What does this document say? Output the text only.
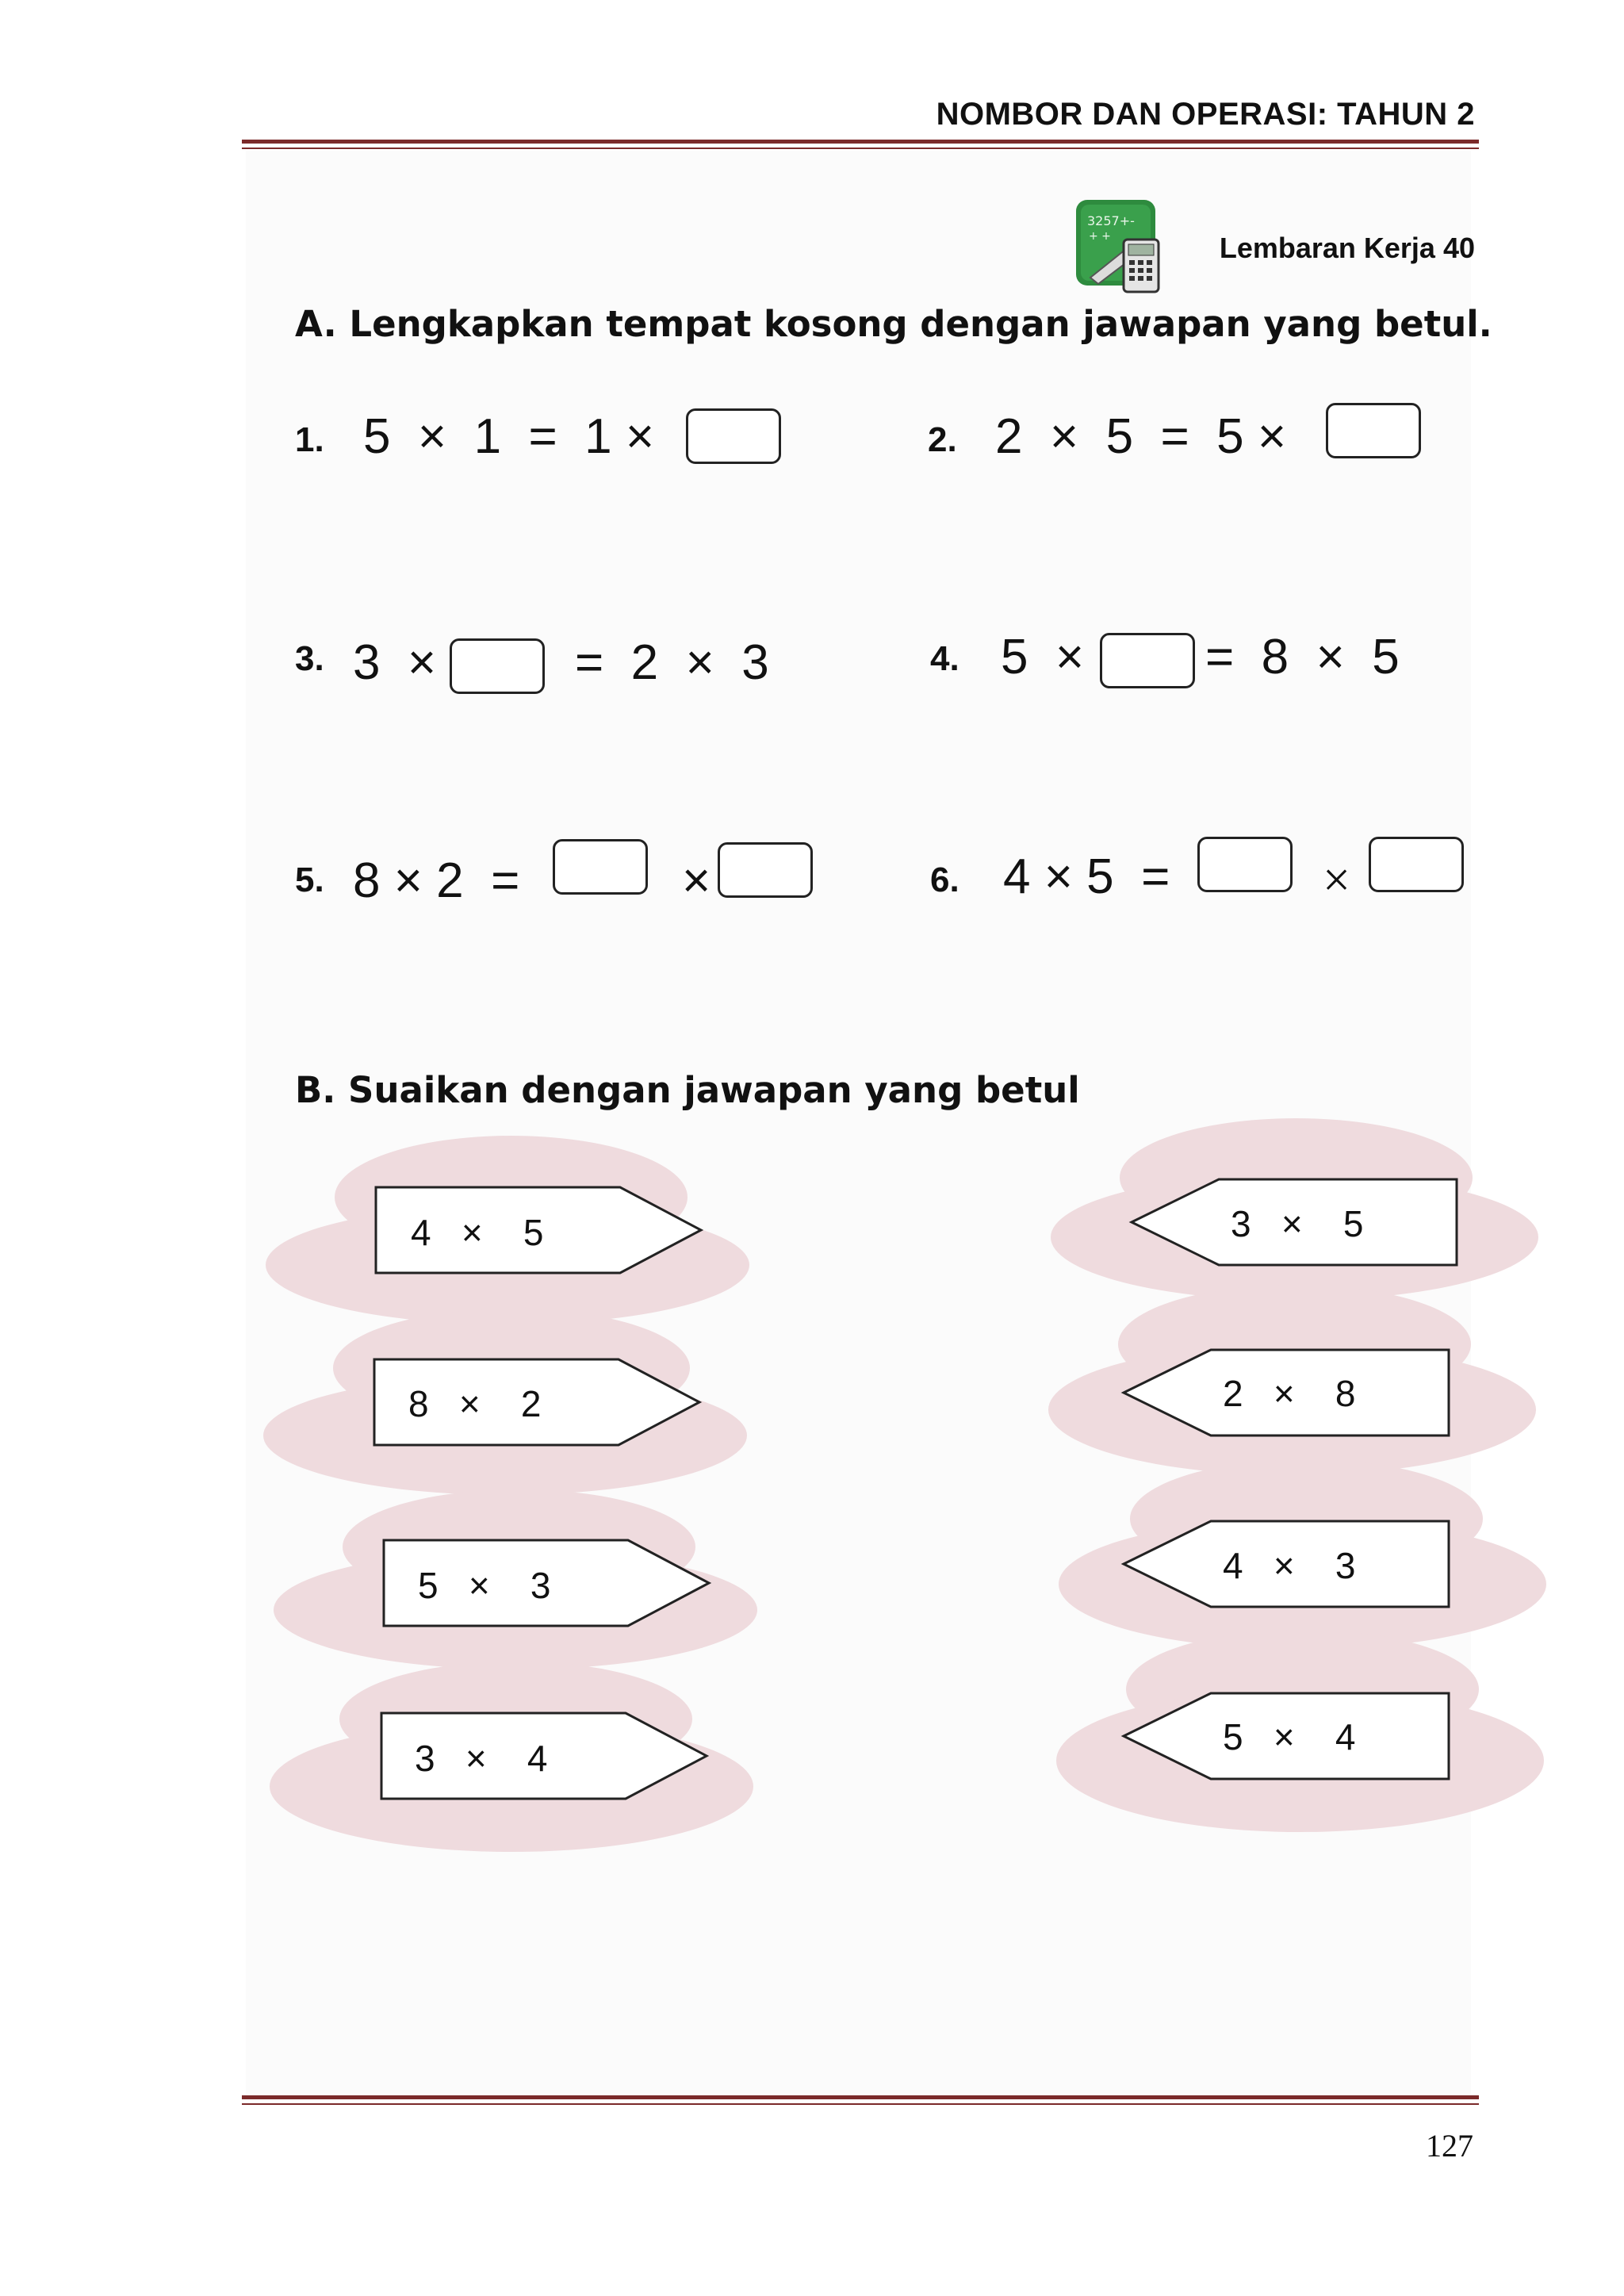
NOMBOR DAN OPERASI: TAHUN 2
3257+-
+ +	Lembaran Kerja 40
A. Lengkapkan tempat kosong dengan jawapan yang betul.
1. 5  ×  1  =  1 ×	2. 2  ×  5  =  5 ×
3. 3  ×	=  2  ×  3	4. 5  × =  8  ×  5
5. 8 × 2  =	×	6. 4 × 5  =	×
B. Suaikan dengan jawapan yang betul
4   ×    5
8   ×    2
5   ×    3
3   ×    4
3   ×    5
2   ×    8
4   ×    3
5   ×    4
127
